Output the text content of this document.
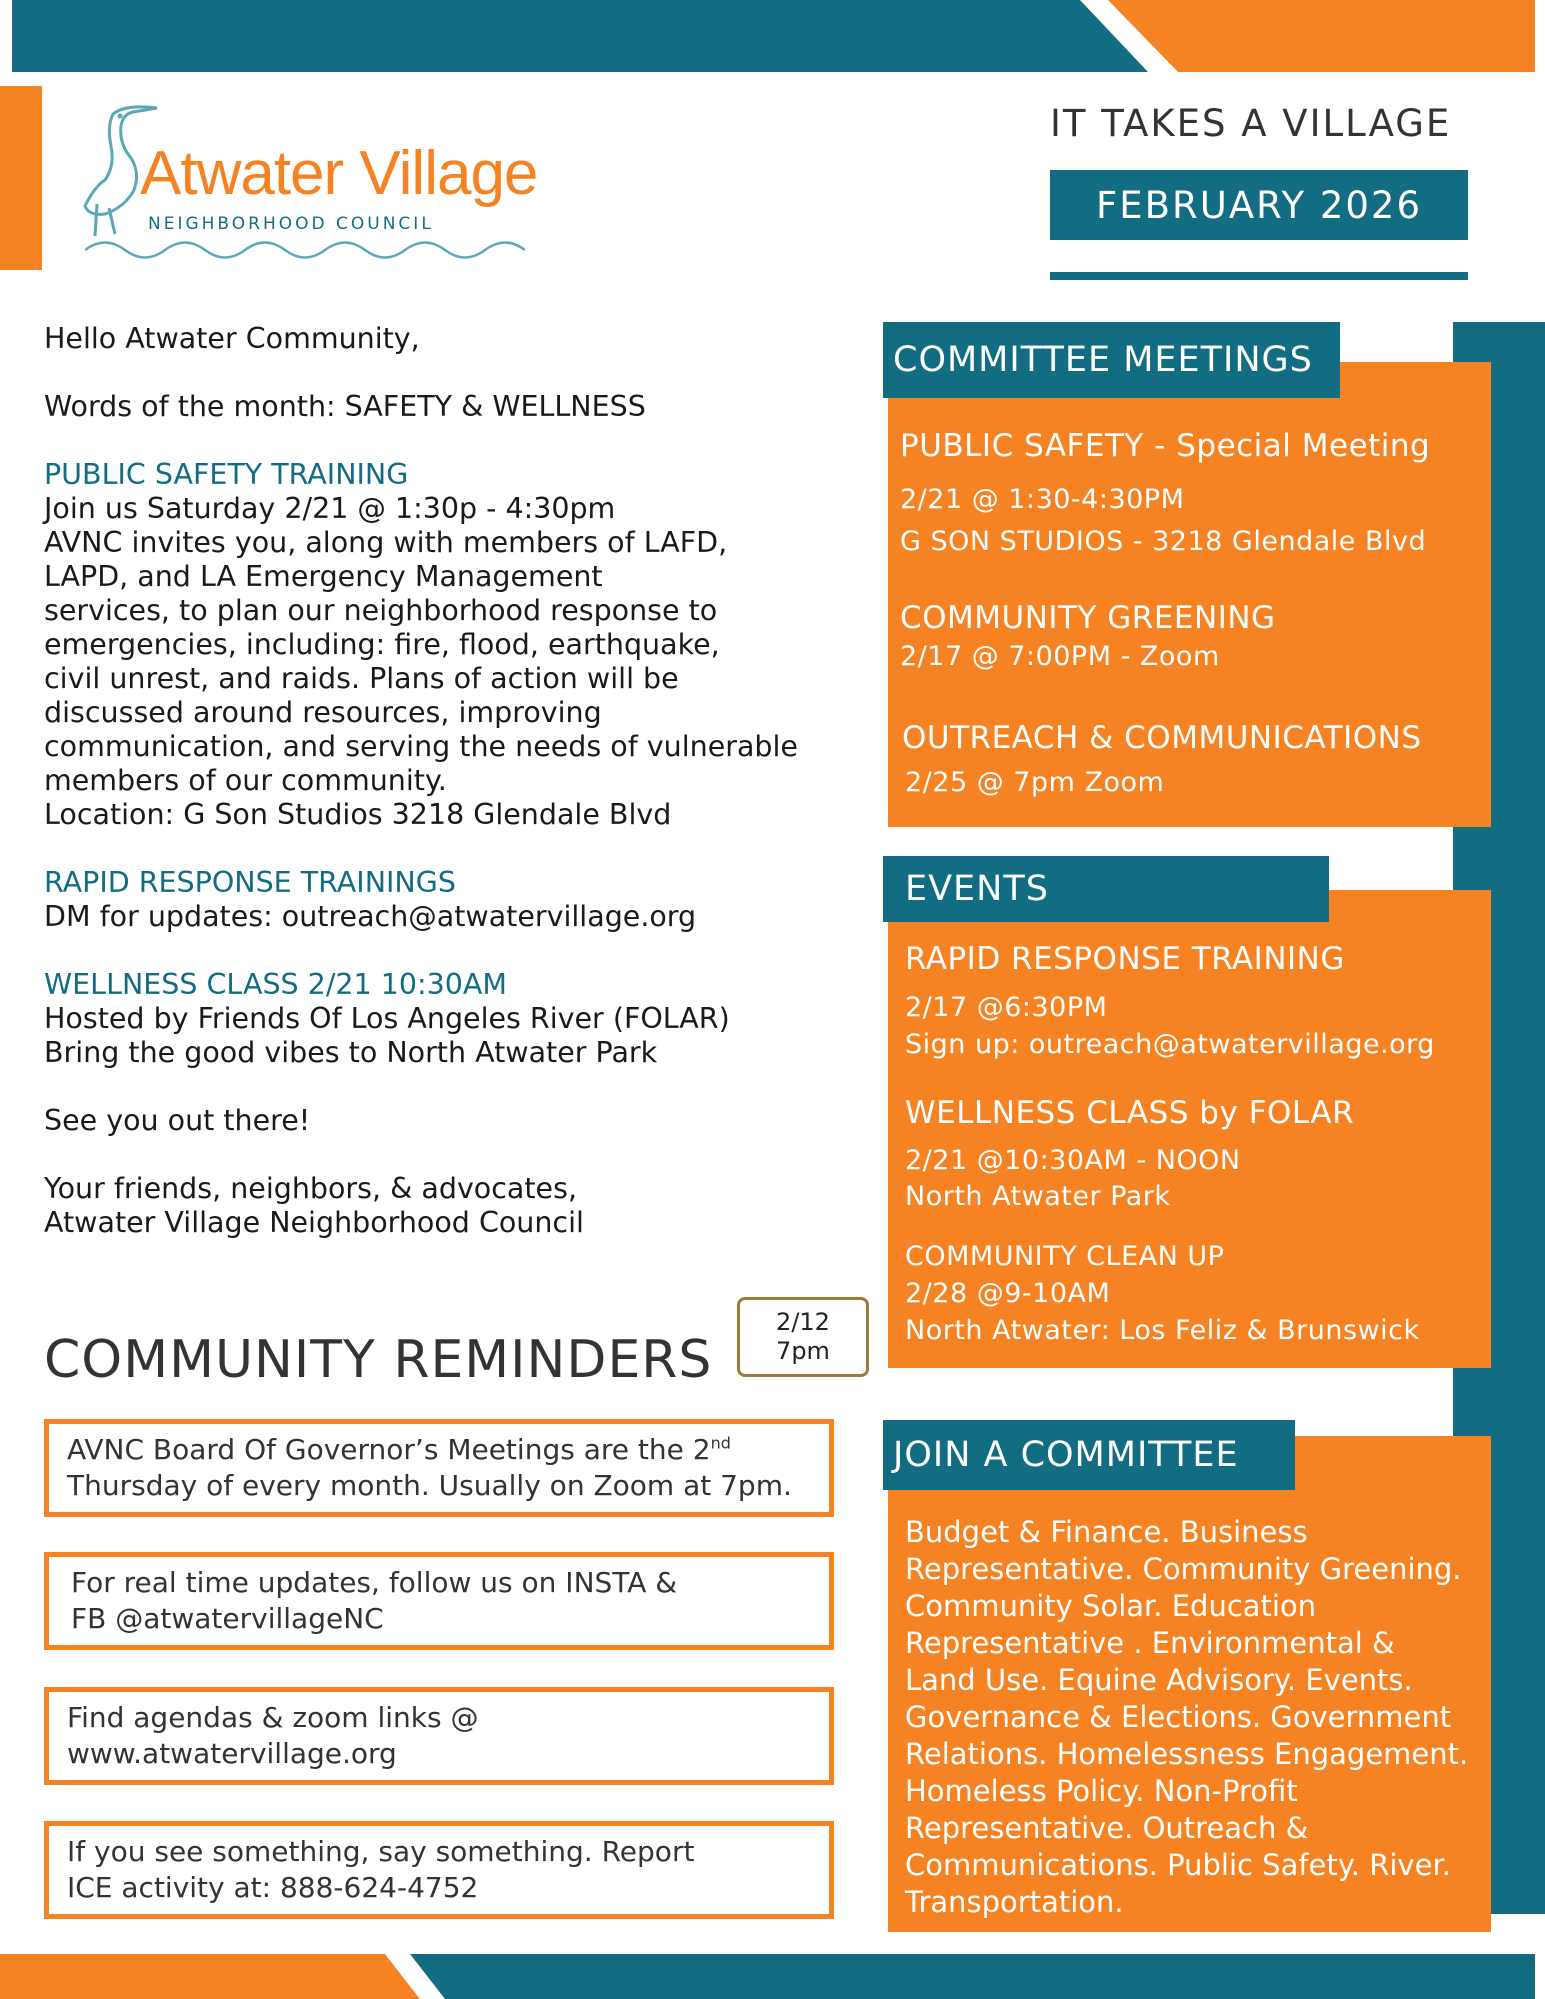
Atwater Village
NEIGHBORHOOD COUNCIL
IT TAKES A VILLAGE
FEBRUARY 2026

Hello Atwater Community,

Words of the month: SAFETY & WELLNESS

PUBLIC SAFETY TRAINING

Join us Saturday 2/21 @ 1:30p - 4:30pm

AVNC invites you, along with members of LAFD,

LAPD, and LA Emergency Management

services, to plan our neighborhood response to

emergencies, including: fire, flood, earthquake,

civil unrest, and raids. Plans of action will be

discussed around resources, improving

communication, and serving the needs of vulnerable

members of our community.

Location: G Son Studios 3218 Glendale Blvd

RAPID RESPONSE TRAININGS

DM for updates: outreach@atwatervillage.org

WELLNESS CLASS 2/21 10:30AM

Hosted by Friends Of Los Angeles River (FOLAR)

Bring the good vibes to North Atwater Park

See you out there!

Your friends, neighbors, & advocates,

Atwater Village Neighborhood Council

COMMITTEE MEETINGS
PUBLIC SAFETY - Special Meeting
2/21 @ 1:30-4:30PM
G SON STUDIOS - 3218 Glendale Blvd
COMMUNITY GREENING
2/17 @ 7:00PM - Zoom
OUTREACH & COMMUNICATIONS
2/25 @ 7pm Zoom
EVENTS
RAPID RESPONSE TRAINING
2/17 @6:30PM
Sign up: outreach@atwatervillage.org
WELLNESS CLASS by FOLAR
2/21 @10:30AM - NOON
North Atwater Park
COMMUNITY CLEAN UP
2/28 @9-10AM
North Atwater: Los Feliz & Brunswick
JOIN A COMMITTEE
Budget & Finance. Business
Representative. Community Greening.
Community Solar. Education
Representative . Environmental &
Land Use. Equine Advisory. Events.
Governance & Elections. Government
Relations. Homelessness Engagement.
Homeless Policy. Non-Profit
Representative. Outreach &
Communications. Public Safety. River.
Transportation.
COMMUNITY REMINDERS
2/12
7pm
AVNC Board Of Governor’s Meetings are the 2nd
Thursday of every month. Usually on Zoom at 7pm.
For real time updates, follow us on INSTA &
FB @atwatervillageNC
Find agendas & zoom links @
www.atwatervillage.org
If you see something, say something. Report
ICE activity at: 888-624-4752
